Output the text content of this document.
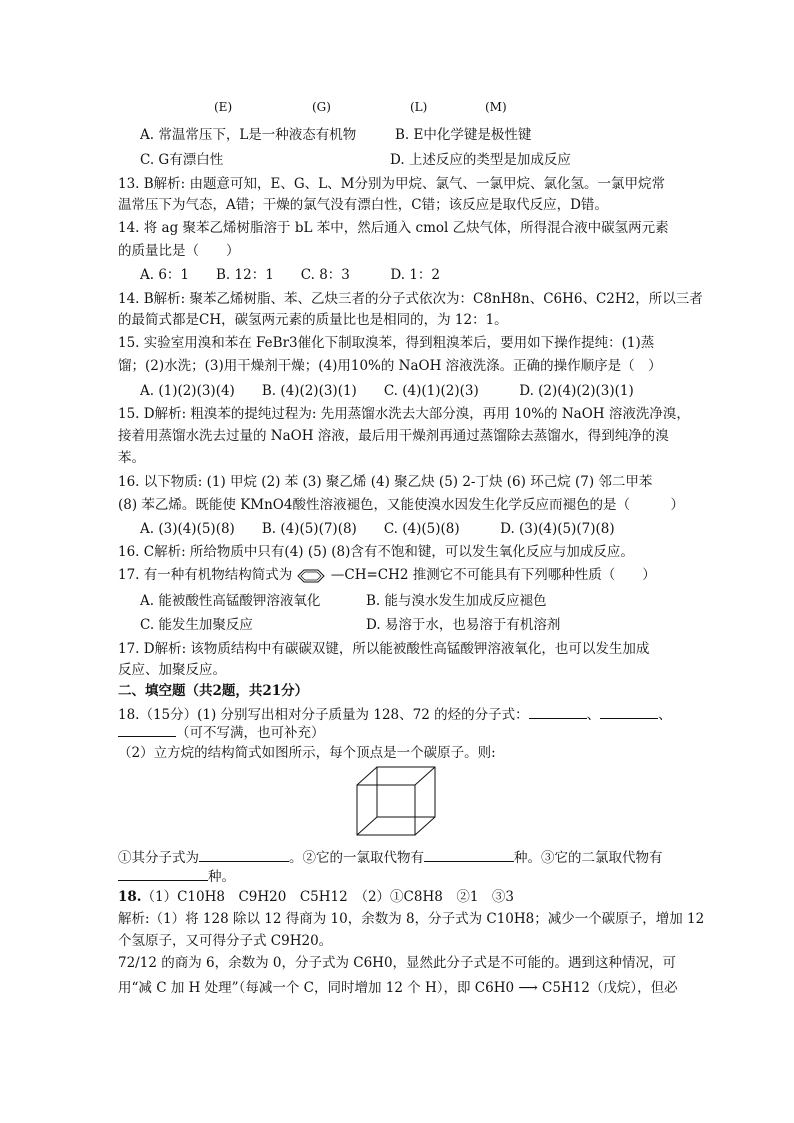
(E)	(G)	(L)	(M)
A. 常温常压下，L是一种液态有机物	B. E中化学键是极性键
C. G有漂白性	D. 上述反应的类型是加成反应
13. B解析: 由题意可知，E、G、L、M分别为甲烷、氯气、一氯甲烷、氯化氢。一氯甲烷常
温常压下为气态，A错；干燥的氯气没有漂白性，C错；该反应是取代反应，D错。
14. 将 ag 聚苯乙烯树脂溶于 bL 苯中，然后通入 cmol 乙炔气体，所得混合液中碳氢两元素
的质量比是（　　）
A. 6：1　　B. 12：1　　C. 8：3　　　D. 1：2
14. B解析: 聚苯乙烯树脂、苯、乙炔三者的分子式依次为：C8nH8n、C6H6、C2H2，所以三者
的最简式都是CH，碳氢两元素的质量比也是相同的，为 12：1。
15. 实验室用溴和苯在 FeBr3催化下制取溴苯，得到粗溴苯后，要用如下操作提纯：(1)蒸
馏；(2)水洗；(3)用干燥剂干燥；(4)用10%的 NaOH 溶液洗涤。正确的操作顺序是（　）
A. (1)(2)(3)(4)　　B. (4)(2)(3)(1)　　C. (4)(1)(2)(3)　　　D. (2)(4)(2)(3)(1)
15. D解析: 粗溴苯的提纯过程为: 先用蒸馏水洗去大部分溴，再用 10%的 NaOH 溶液洗净溴，
接着用蒸馏水洗去过量的 NaOH 溶液，最后用干燥剂再通过蒸馏除去蒸馏水，得到纯净的溴
苯。
16. 以下物质: (1) 甲烷 (2) 苯 (3) 聚乙烯 (4) 聚乙炔 (5) 2-丁炔 (6) 环己烷 (7) 邻二甲苯
(8) 苯乙烯。既能使 KMnO4酸性溶液褪色，又能使溴水因发生化学反应而褪色的是（　　　）
A. (3)(4)(5)(8)　　B. (4)(5)(7)(8)　　C. (4)(5)(8)　　　D. (3)(4)(5)(7)(8)
16. C解析: 所给物质中只有(4) (5) (8)含有不饱和键，可以发生氧化反应与加成反应。
17. 有一种有机物结构简式为	—CH=CH2 推测它不可能具有下列哪种性质（　　）
A. 能被酸性高锰酸钾溶液氧化	B. 能与溴水发生加成反应褪色
C. 能发生加聚反应	D. 易溶于水，也易溶于有机溶剂
17. D解析: 该物质结构中有碳碳双键，所以能被酸性高锰酸钾溶液氧化，也可以发生加成
反应、加聚反应。
二、填空题（共2题，共21分）
18.（15分）(1) 分别写出相对分子质量为 128、72 的烃的分子式：	、	、
（可不写满，也可补充）
（2）立方烷的结构简式如图所示，每个顶点是一个碳原子。则:
①其分子式为	。②它的一氯取代物有	种。③它的二氯取代物有
种。
18.（1）C10H8　C9H20　C5H12　（2）①C8H8　②1　③3
解析:（1）将 128 除以 12 得商为 10，余数为 8，分子式为 C10H8；减少一个碳原子，增加 12
个氢原子，又可得分子式 C9H20。
72/12 的商为 6，余数为 0，分子式为 C6H0，显然此分子式是不可能的。遇到这种情况，可
用“减 C 加 H 处理”（每减一个 C，同时增加 12 个 H），即 C6H0 ⟶ C5H12（戊烷），但必
